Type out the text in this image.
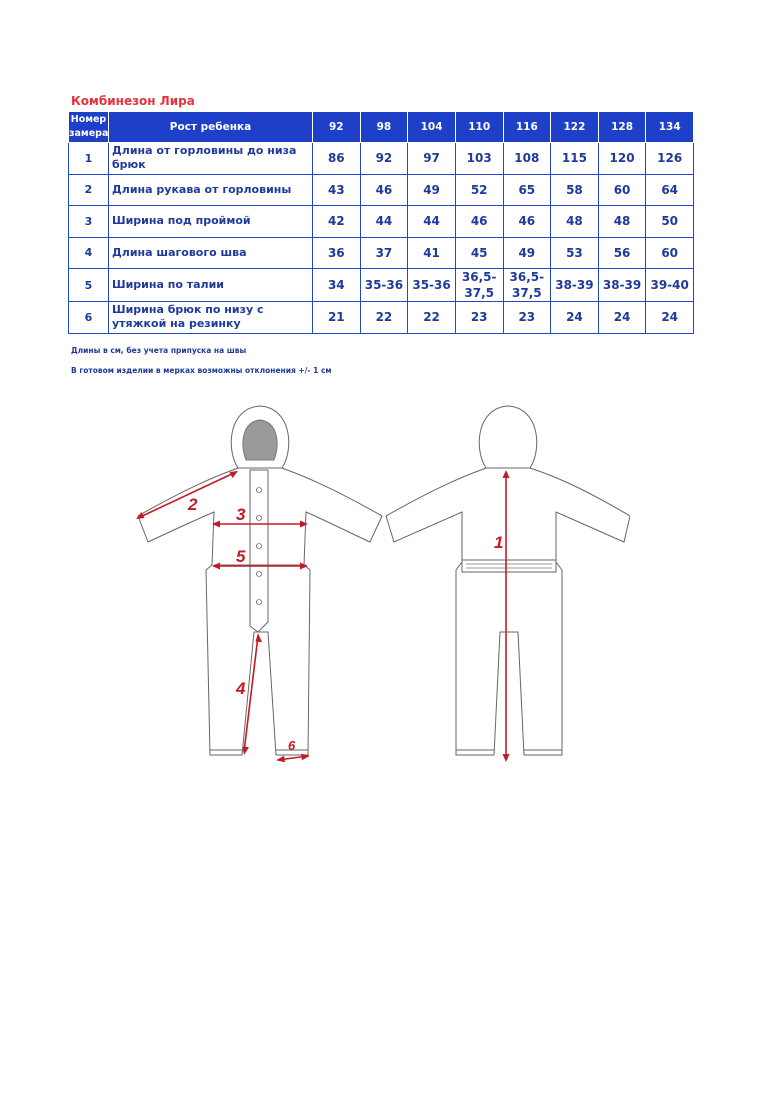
Комбинезон Лира
Номер замера	Рост ребенка	92	98	104	110	116	122	128	134
1	Длина от горловины до низа брюк	86	92	97	103	108	115	120	126
2	Длина рукава от горловины	43	46	49	52	65	58	60	64
3	Ширина под проймой	42	44	44	46	46	48	48	50
4	Длина шагового шва	36	37	41	45	49	53	56	60
5	Ширина по талии	34	35-36	35-36	36,5-37,5	36,5-37,5	38-39	38-39	39-40
6	Ширина брюк по низу с утяжкой на резинку	21	22	22	23	23	24	24	24
Длины в см, без учета припуска на швы
В готовом изделии в мерках возможны отклонения +/- 1 см
1
2
3
5
4
6
